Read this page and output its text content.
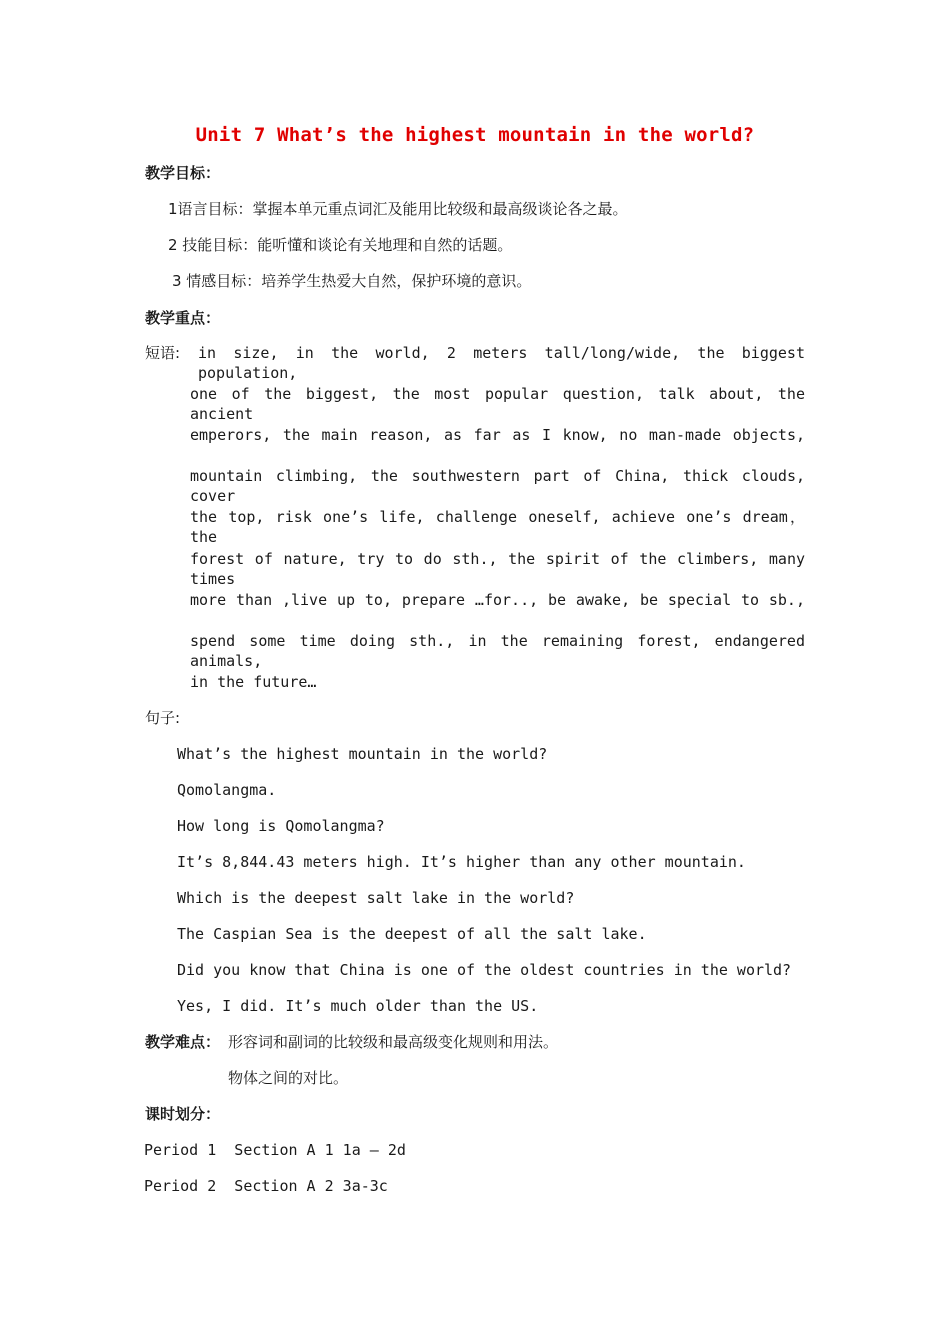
Unit 7 What’s the highest mountain in the world?
教学目标：
1语言目标：掌握本单元重点词汇及能用比较级和最高级谈论各之最。
2 技能目标：能听懂和谈论有关地理和自然的话题。
3 情感目标：培养学生热爱大自然，保护环境的意识。
教学重点：
短语: in size, in the world, 2 meters tall/long/wide, the biggest population,
one of the biggest, the most popular question, talk about, the ancient
emperors, the main reason, as far as I know, no man-made objects,
mountain climbing, the southwestern part of China, thick clouds, cover
the top, risk one’s life, challenge oneself, achieve one’s dream，the
forest of nature, try to do sth., the spirit of the climbers, many times
more than ,live up to, prepare …for.., be awake, be special to sb.,
spend some time doing sth., in the remaining forest, endangered animals,
in the future…
句子:
What’s the highest mountain in the world?
Qomolangma.
How long is Qomolangma?
It’s 8,844.43 meters high. It’s higher than any other mountain.
Which is the deepest salt lake in the world?
The Caspian Sea is the deepest of all the salt lake.
Did you know that China is one of the oldest countries in the world?
Yes, I did. It’s much older than the US.
教学难点： 形容词和副词的比较级和最高级变化规则和用法。
物体之间的对比。
课时划分：
Period 1  Section A 1 1a – 2d
Period 2  Section A 2 3a-3c
